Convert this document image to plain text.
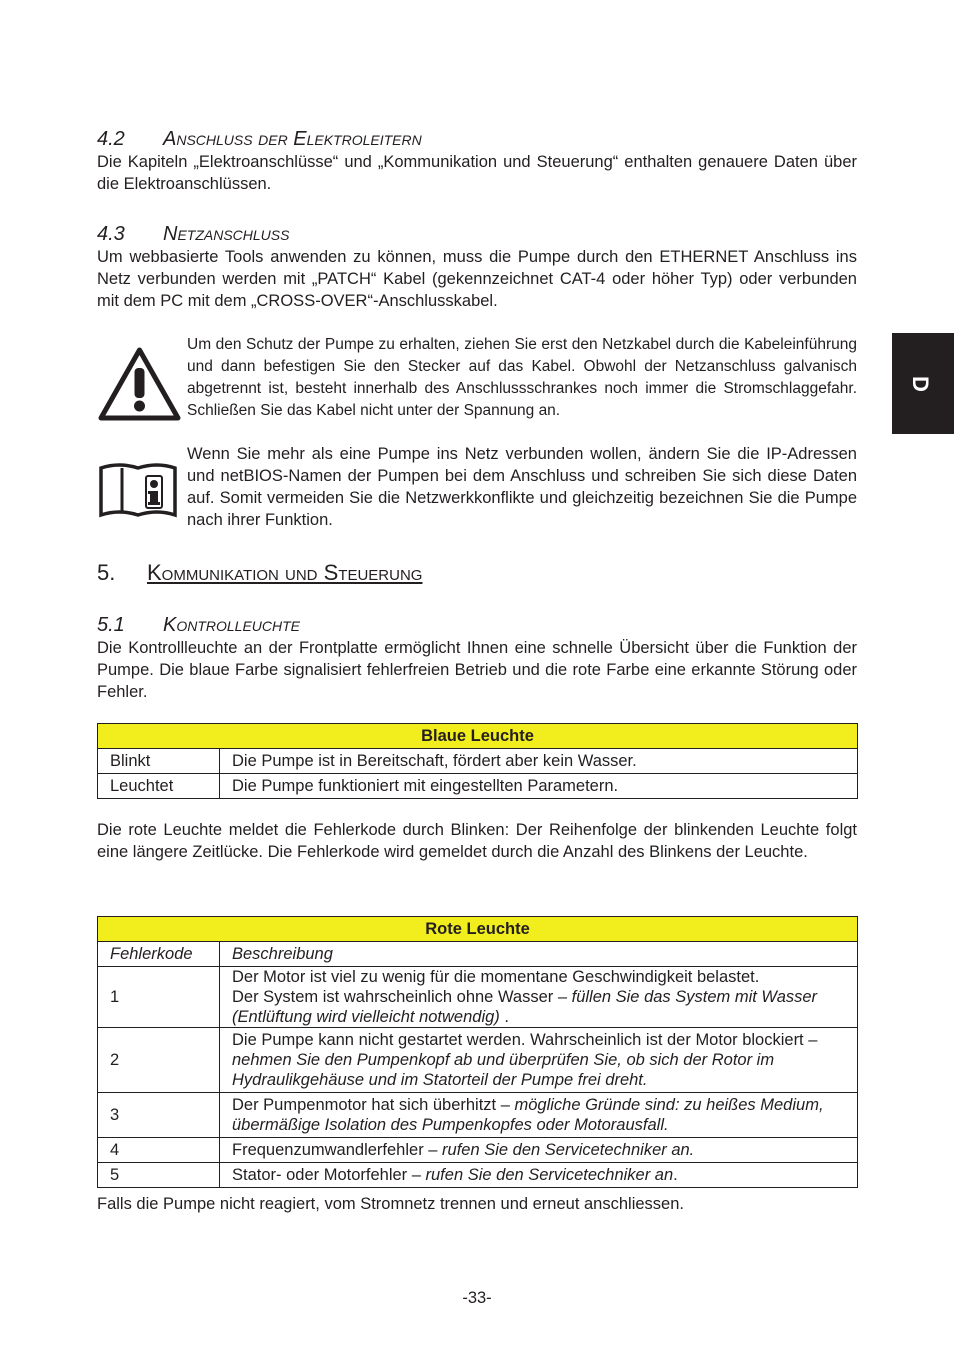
D
4.2 Anschluss der Elektroleitern

Die Kapiteln „Elektroanschlüsse“ und „Kommunikation und Steuerung“ enthalten genauere Daten über die Elektroanschlüssen.

4.3 Netzanschluss

Um webbasierte Tools anwenden zu können, muss die Pumpe durch den ETHERNET Anschluss ins Netz verbunden werden mit „PATCH“ Kabel (gekennzeichnet CAT-4 oder höher Typ) oder verbunden mit dem PC mit dem „CROSS-OVER“-Anschlusskabel.

Um den Schutz der Pumpe zu erhalten, ziehen Sie erst den Netzkabel durch die Kabeleinführung und dann befestigen Sie den Stecker auf das Kabel. Obwohl der Netzanschluss galvanisch abgetrennt ist, besteht innerhalb des Anschlussschrankes noch immer die Stromschlaggefahr. Schließen Sie das Kabel nicht unter der Spannung an.

Wenn Sie mehr als eine Pumpe ins Netz verbunden wollen, ändern Sie die IP-Adressen und netBIOS-Namen der Pumpen bei dem Anschluss und schreiben Sie sich diese Daten auf. Somit vermeiden Sie die Netzwerkkonflikte und gleichzeitig bezeichnen Sie die Pumpe nach ihrer Funktion.

5. Kommunikation und Steuerung
5.1 Kontrolleuchte

Die Kontrollleuchte an der Frontplatte ermöglicht Ihnen eine schnelle Übersicht über die Funktion der Pumpe. Die blaue Farbe signalisiert fehlerfreien Betrieb und die rote Farbe eine erkannte Störung oder Fehler.

Blaue Leuchte	
Blinkt	Die Pumpe ist in Bereitschaft, fördert aber kein Wasser.
Leuchtet	Die Pumpe funktioniert mit eingestellten Parametern.

Die rote Leuchte meldet die Fehlerkode durch Blinken: Der Reihenfolge der blinkenden Leuchte folgt eine längere Zeitlücke. Die Fehlerkode wird gemeldet durch die Anzahl des Blinkens der Leuchte.

Rote Leuchte	
Fehlerkode	Beschreibung
1	Der Motor ist viel zu wenig für die momentane Geschwindigkeit belastet.
Der System ist wahrscheinlich ohne Wasser – füllen Sie das System mit Wasser (Entlüftung wird vielleicht notwendig) .

2	Die Pumpe kann nicht gestartet werden. Wahrscheinlich ist der Motor blockiert – nehmen Sie den Pumpenkopf ab und überprüfen Sie, ob sich der Rotor im Hydraulikgehäuse und im Statorteil der Pumpe frei dreht.
3	Der Pumpenmotor hat sich überhitzt – mögliche Gründe sind: zu heißes Medium, übermäßige Isolation des Pumpenkopfes oder Motorausfall.
4	Frequenzumwandlerfehler – rufen Sie den Servicetechniker an.
5	Stator- oder Motorfehler – rufen Sie den Servicetechniker an.

Falls die Pumpe nicht reagiert, vom Stromnetz trennen und erneut anschliessen.

-33-
